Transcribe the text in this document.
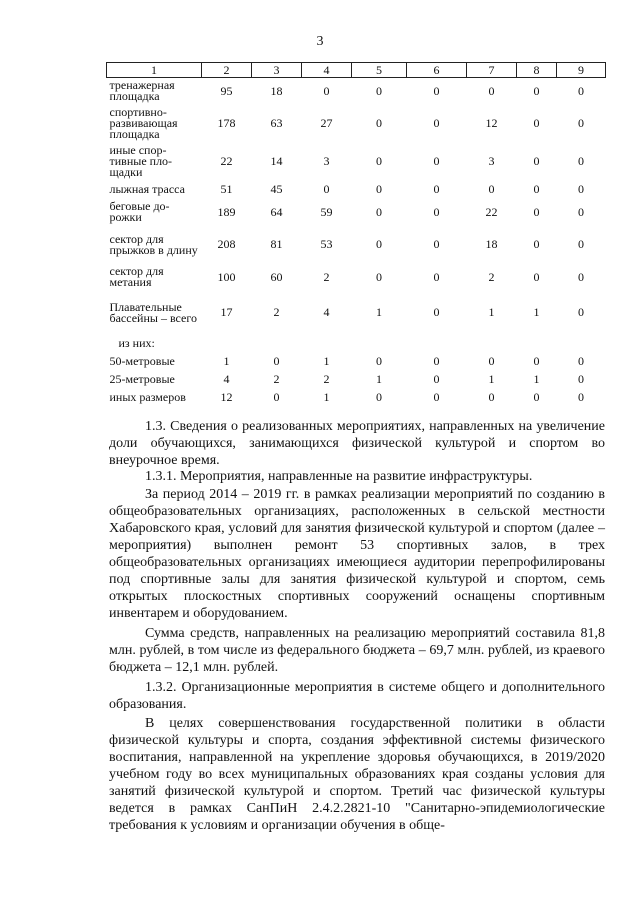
3
1	2	3	4	5	6	7	8	9
тренажерная площадка	95	18	0	0	0	0	0	0
спортивно-развивающая площадка	178	63	27	0	0	12	0	0
иные спор-тивные пло-щадки	22	14	3	0	0	3	0	0
лыжная трасса	51	45	0	0	0	0	0	0
беговые до-рожки	189	64	59	0	0	22	0	0
сектор для прыжков в длину	208	81	53	0	0	18	0	0
сектор для метания	100	60	2	0	0	2	0	0
Плавательные бассейны – всего	17	2	4	1	0	1	1	0
из них:								
50-метровые	1	0	1	0	0	0	0	0
25-метровые	4	2	2	1	0	1	1	0
иных размеров	12	0	1	0	0	0	0	0

1.3. Сведения о реализованных мероприятиях, направленных на увеличение доли обучающихся, занимающихся физической культурой и спортом во внеурочное время.

1.3.1. Мероприятия, направленные на развитие инфраструктуры.

За период 2014 – 2019 гг. в рамках реализации мероприятий по созданию в общеобразовательных организациях, расположенных в сельской местности Хабаровского края, условий для занятия физической культурой и спортом (далее – мероприятия) выполнен ремонт 53 спортивных залов, в трех общеобразовательных организациях имеющиеся аудитории перепрофилированы под спортивные залы для занятия физической культурой и спортом, семь открытых плоскостных спортивных сооружений оснащены спортивным инвентарем и оборудованием.

Сумма средств, направленных на реализацию мероприятий составила 81,8 млн. рублей, в том числе из федерального бюджета – 69,7 млн. рублей, из краевого бюджета – 12,1 млн. рублей.

1.3.2. Организационные мероприятия в системе общего и дополнительного образования.

В целях совершенствования государственной политики в области физической культуры и спорта, создания эффективной системы физического воспитания, направленной на укрепление здоровья обучающихся, в 2019/2020 учебном году во всех муниципальных образованиях края созданы условия для занятий физической культурой и спортом. Третий час физической культуры ведется в рамках СанПиН 2.4.2.2821-10 "Санитарно-эпидемиологические требования к условиям и организации обучения в обще-
